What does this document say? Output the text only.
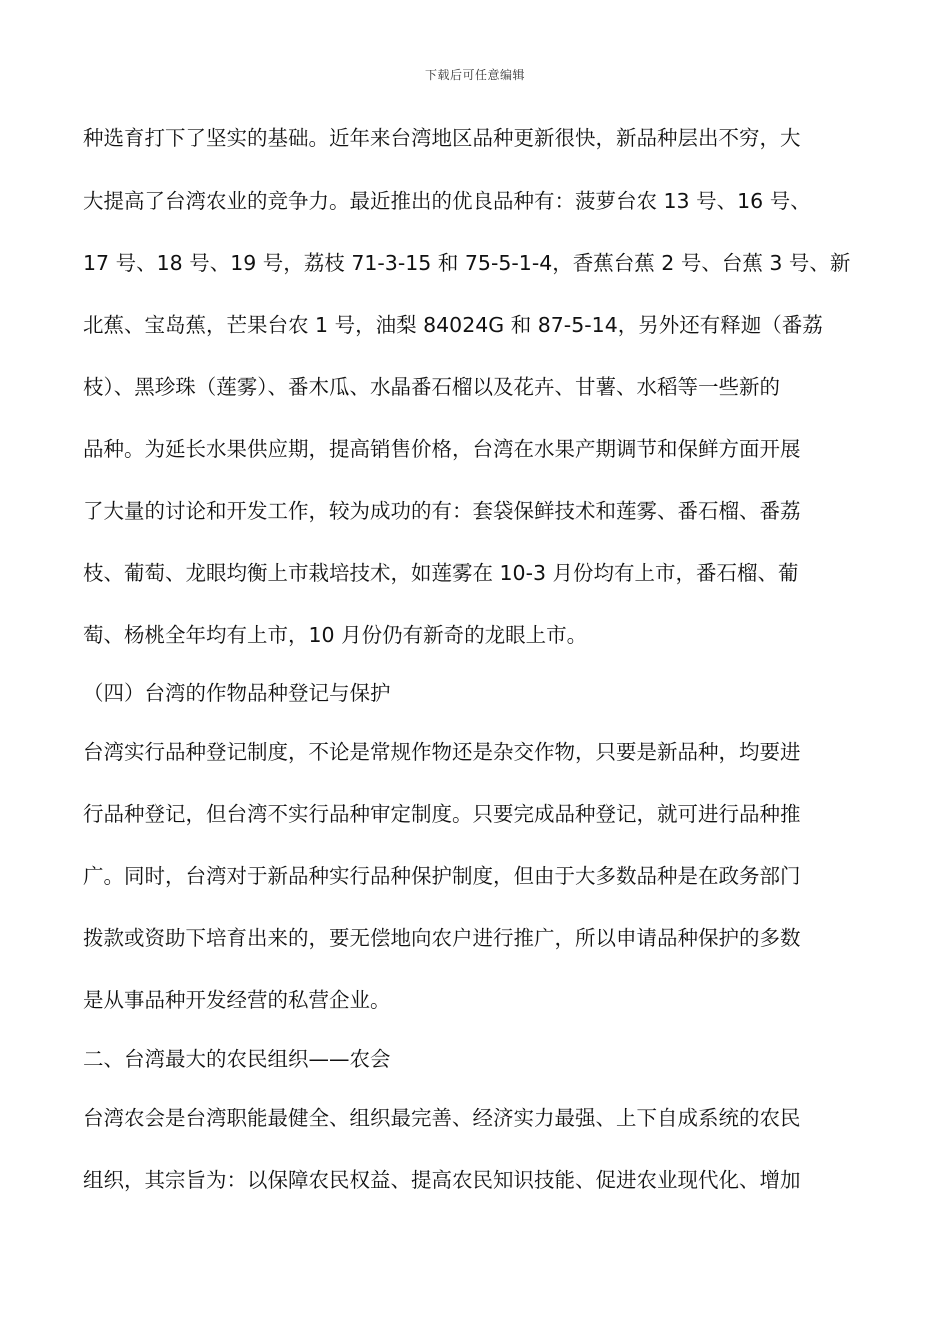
下载后可任意编辑
种选育打下了坚实的基础。近年来台湾地区品种更新很快，新品种层出不穷，大
大提高了台湾农业的竞争力。最近推出的优良品种有：菠萝台农 13 号、16 号、
17 号、18 号、19 号，荔枝 71-3-15 和 75-5-1-4，香蕉台蕉 2 号、台蕉 3 号、新
北蕉、宝岛蕉，芒果台农 1 号，油梨 84024G 和 87-5-14，另外还有释迦（番荔
枝）、黑珍珠（莲雾）、番木瓜、水晶番石榴以及花卉、甘薯、水稻等一些新的
品种。为延长水果供应期，提高销售价格，台湾在水果产期调节和保鲜方面开展
了大量的讨论和开发工作，较为成功的有：套袋保鲜技术和莲雾、番石榴、番荔
枝、葡萄、龙眼均衡上市栽培技术，如莲雾在 10-3 月份均有上市，番石榴、葡
萄、杨桃全年均有上市，10 月份仍有新奇的龙眼上市。
（四）台湾的作物品种登记与保护
台湾实行品种登记制度，不论是常规作物还是杂交作物，只要是新品种，均要进
行品种登记，但台湾不实行品种审定制度。只要完成品种登记，就可进行品种推
广。同时，台湾对于新品种实行品种保护制度，但由于大多数品种是在政务部门
拨款或资助下培育出来的，要无偿地向农户进行推广，所以申请品种保护的多数
是从事品种开发经营的私营企业。
二、台湾最大的农民组织——农会
台湾农会是台湾职能最健全、组织最完善、经济实力最强、上下自成系统的农民
组织，其宗旨为：以保障农民权益、提高农民知识技能、促进农业现代化、增加
